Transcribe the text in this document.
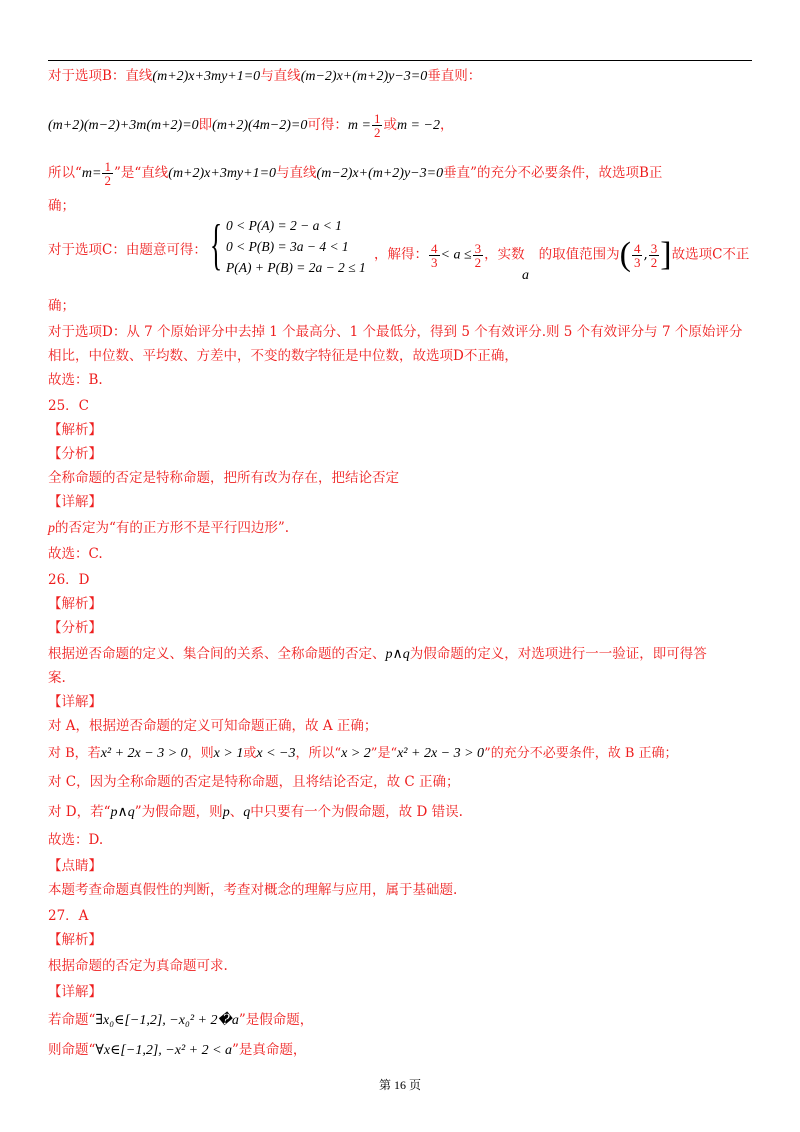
对于选项B：直线(m+2)x+3my+1=0与直线(m−2)x+(m+2)y−3=0垂直则：
(m+2)(m−2)+3m(m+2)=0即(m+2)(4m−2)=0可得：$m = \frac{1}{2}$ 或m = −2，
所以“$m= \frac{1}{2}$ ”是“直线(m+2)x+3my+1=0与直线(m−2)x+(m+2)y−3=0垂直”的充分不必要条件，故选项B正
确；
对于选项C：由题意可得： { 0 < P(A) = 2 − a < 1
0 < P(B) = 3a − 4 < 1
P(A) + P(B) = 2a − 2 ≤ 1
，解得： $\frac{4}{3} < a \le \frac{3}{2}$ ，实数 的取值范围为( $\frac{4}{3}$ , $\frac{3}{2}$ ]故选项C不正
a
确；
对于选项D：从 7 个原始评分中去掉 1 个最高分、1 个最低分，得到 5 个有效评分.则 5 个有效评分与 7 个原始评分
相比，中位数、平均数、方差中，不变的数字特征是中位数，故选项D不正确，
故选：B.
25．C
【解析】
【分析】
全称命题的否定是特称命题，把所有改为存在，把结论否定
【详解】
p的否定为“有的正方形不是平行四边形”.
故选：C.
26．D
【解析】
【分析】
根据逆否命题的定义、集合间的关系、全称命题的否定、p∧q为假命题的定义，对选项进行一一验证，即可得答
案.
【详解】
对 A，根据逆否命题的定义可知命题正确，故 A 正确；
对 B，若x² + 2x − 3 > 0，则x > 1或x < −3，所以“x > 2”是“x² + 2x − 3 > 0”的充分不必要条件，故 B 正确；
对 C，因为全称命题的否定是特称命题，且将结论否定，故 C 正确；
对 D，若“p∧q”为假命题，则p、q中只要有一个为假命题，故 D 错误.
故选：D.
【点睛】
本题考查命题真假性的判断，考查对概念的理解与应用，属于基础题.
27．A
【解析】
根据命题的否定为真命题可求.
【详解】
若命题“∃x₀∈[−1,2], −x₀² + 2�a”是假命题，
则命题“∀x∈[−1,2], −x² + 2 < a”是真命题，
第 16 页
